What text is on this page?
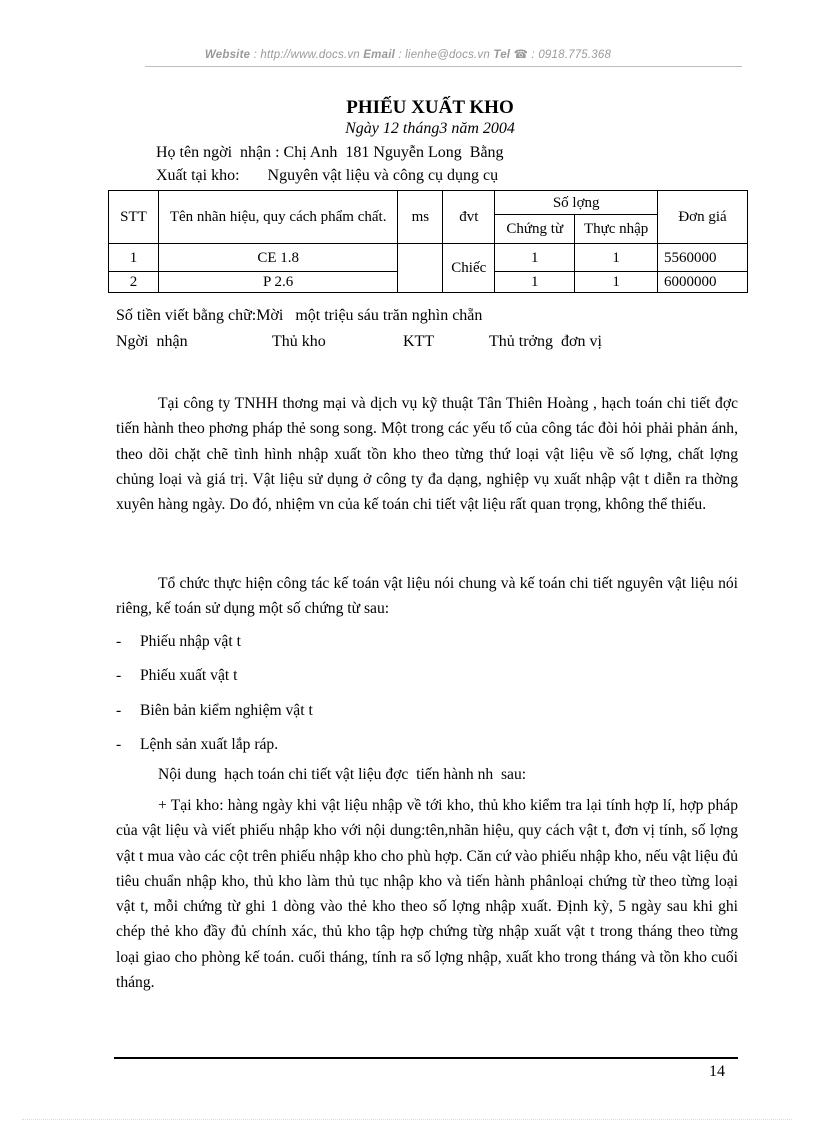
Website : http://www.docs.vn Email : lienhe@docs.vn Tel ☎ : 0918.775.368
PHIẾU XUẤT KHO
Ngày 12 tháng3 năm 2004
Họ tên ngời  nhận : Chị Anh  181 Nguyễn Long  Bằng
Xuất tại kho:       Nguyên vật liệu và công cụ dụng cụ
STT	Tên nhãn hiệu, quy cách phẩm chất.	ms	đvt	Số lợng		Đơn giá
				Chứng từ	Thực nhập	
1	CE 1.8		Chiếc	1	1	5560000
2	P 2.6			1	1	6000000
Số tiền viết bằng chữ:Mời   một triệu sáu trăn nghìn chẵn
Ngời  nhận	Thủ kho	KTT	Thủ trởng  đơn vị
Tại công ty TNHH thơng mại và dịch vụ kỹ thuật Tân Thiên Hoàng , hạch toán chi tiết đợc tiến hành theo phơng pháp thẻ song song. Một trong các yếu tố của công tác đòi hỏi phải phản ánh, theo dõi chặt chẽ tình hình nhập xuất tồn kho theo từng thứ loại vật liệu về số lợng, chất lợng chủng loại và giá trị. Vật liệu sử dụng ở công ty đa dạng, nghiệp vụ xuất nhập vật t diễn ra thờng xuyên hàng ngày. Do đó, nhiệm vn của kế toán chi tiết vật liệu rất quan trọng, không thể thiếu.
Tổ chức thực hiện công tác kế toán vật liệu nói chung và kế toán chi tiết nguyên vật liệu nói riêng, kế toán sử dụng một số chứng từ sau:
- Phiếu nhập vật t
- Phiếu xuất vật t
- Biên bản kiểm nghiệm vật t
- Lệnh sản xuất lắp ráp.
Nội dung  hạch toán chi tiết vật liệu đợc  tiến hành nh  sau:
+ Tại kho: hàng ngày khi vật liệu nhập về tới kho, thủ kho kiểm tra lại tính hợp lí, hợp pháp của vật liệu và viết phiếu nhập kho với nội dung:tên,nhãn hiệu, quy cách vật t, đơn vị tính, số lợng vật t mua vào các cột trên phiếu nhập kho cho phù hợp. Căn cứ vào phiếu nhập kho, nếu vật liệu đủ tiêu chuẩn nhập kho, thủ kho làm thủ tục nhập kho và tiến hành phânloại chứng từ theo từng loại vật t, mỗi chứng từ ghi 1 dòng vào thẻ kho theo số lợng nhập xuất. Định kỳ, 5 ngày sau khi ghi chép thẻ kho đầy đủ chính xác, thủ kho tập hợp chứng từg nhập xuất vật t trong tháng theo từng loại giao cho phòng kế toán. cuối tháng, tính ra số lợng nhập, xuất kho trong tháng và tồn kho cuối tháng.
14
